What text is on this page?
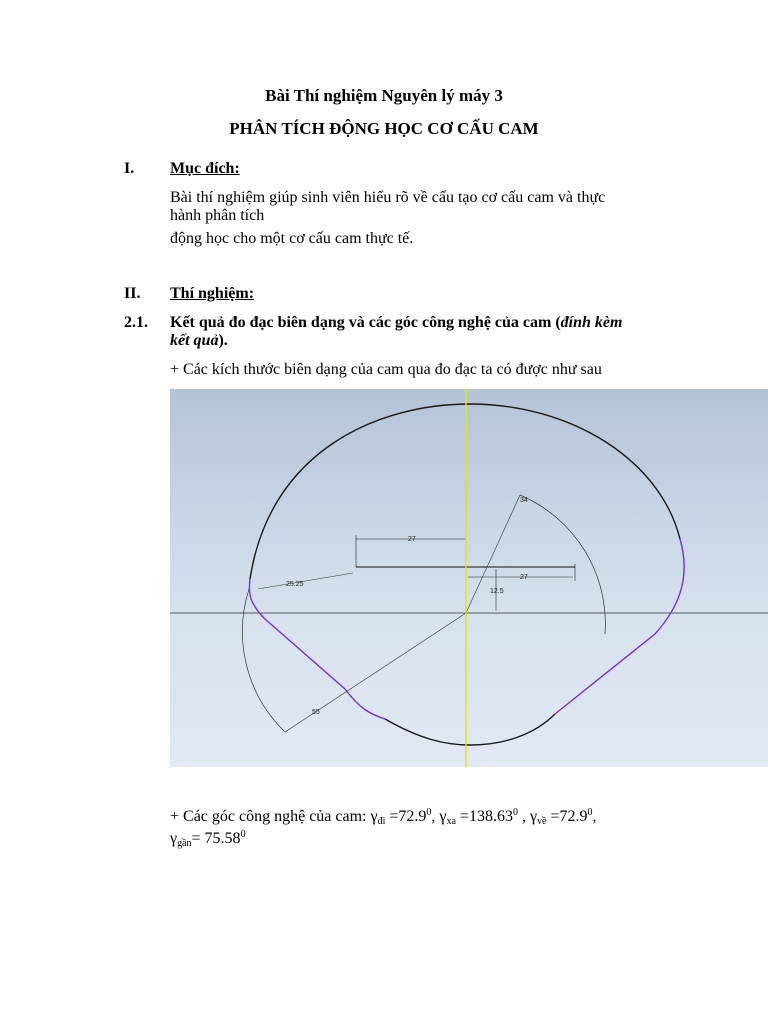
Bài Thí nghiệm Nguyên lý máy 3
PHÂN TÍCH ĐỘNG HỌC CƠ CẤU CAM
I. Mục đích:
Bài thí nghiệm giúp sinh viên hiểu rõ về cấu tạo cơ cấu cam và thực
hành phân tích
động học cho một cơ cấu cam thực tế.
II. Thí nghiệm:
2.1. Kết quả đo đạc biên dạng và các góc công nghệ của cam (đính kèm
kết quả).
+ Các kích thước biên dạng của cam qua đo đạc ta có được như sau
27
27
25.25
12.5
55
34
+ Các góc công nghệ của cam: $\gamma_{đi} =72.9^0$, $\gamma_{xa} =138.63^0$ , $\gamma_{về} =72.9^0$,
$\gamma_{gần}= 75.58^0$
